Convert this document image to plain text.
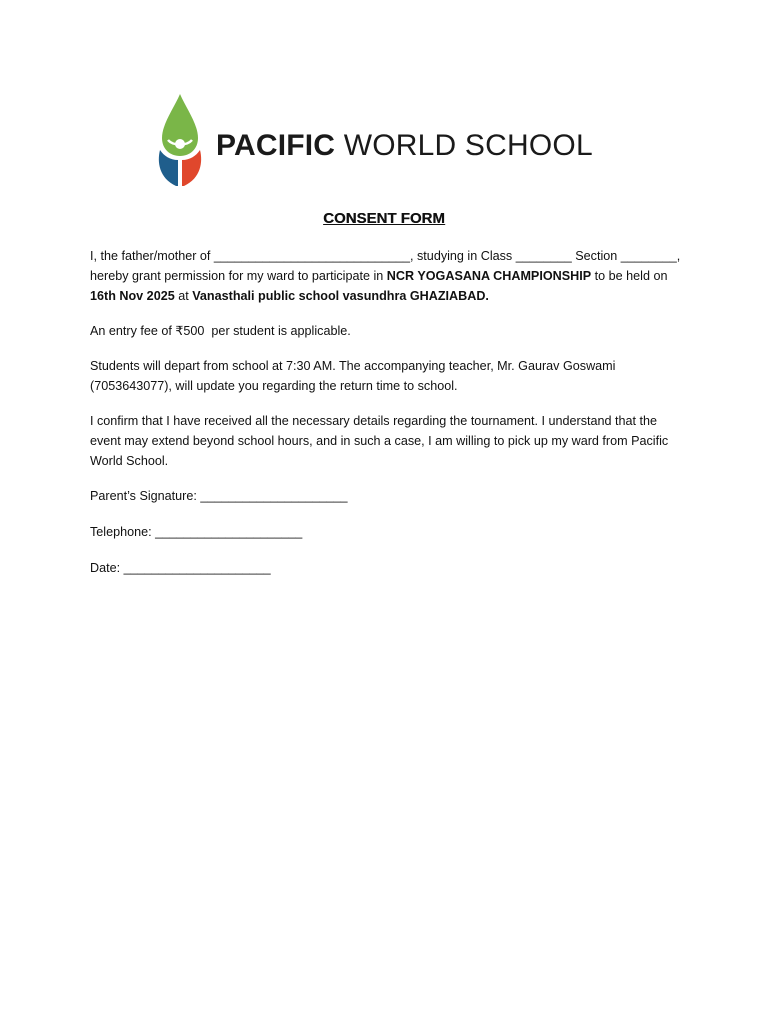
PACIFIC WORLD SCHOOL
CONSENT FORM
I, the father/mother of ____________________________, studying in Class ________ Section ________,
hereby grant permission for my ward to participate in NCR YOGASANA CHAMPIONSHIP to be held on
16th Nov 2025 at Vanasthali public school vasundhra GHAZIABAD.
An entry fee of ₹500  per student is applicable.
Students will depart from school at 7:30 AM. The accompanying teacher, Mr. Gaurav Goswami
(7053643077), will update you regarding the return time to school.
I confirm that I have received all the necessary details regarding the tournament. I understand that the
event may extend beyond school hours, and in such a case, I am willing to pick up my ward from Pacific
World School.
Parent’s Signature: _____________________
Telephone: _____________________
Date: _____________________
